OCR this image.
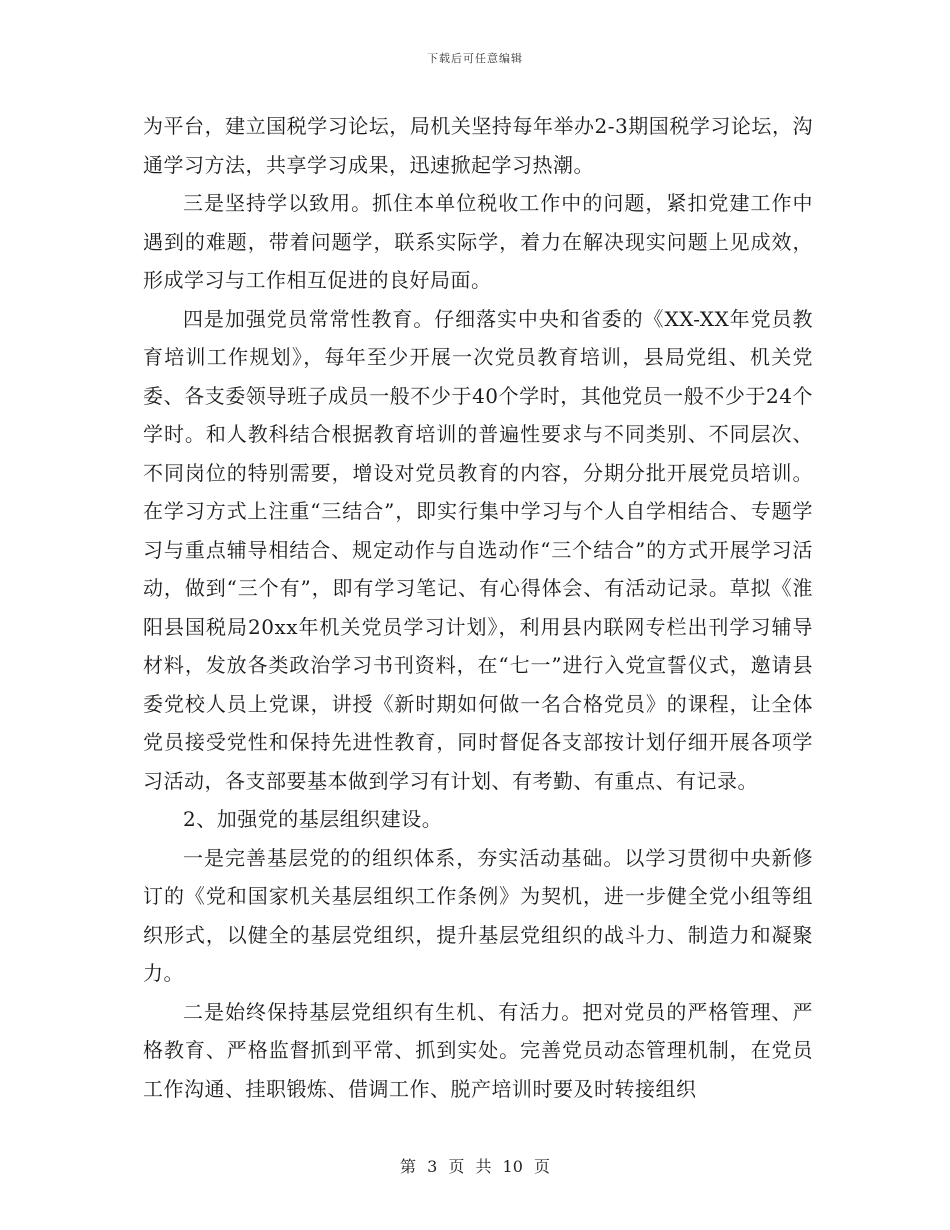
下载后可任意编辑

为平台，建立国税学习论坛，局机关坚持每年举办2-3期国税学习论坛，沟通学习方法，共享学习成果，迅速掀起学习热潮。

三是坚持学以致用。抓住本单位税收工作中的问题，紧扣党建工作中遇到的难题，带着问题学，联系实际学，着力在解决现实问题上见成效，形成学习与工作相互促进的良好局面。

四是加强党员常常性教育。仔细落实中央和省委的《XX-XX年党员教育培训工作规划》，每年至少开展一次党员教育培训，县局党组、机关党委、各支委领导班子成员一般不少于40个学时，其他党员一般不少于24个学时。和人教科结合根据教育培训的普遍性要求与不同类别、不同层次、不同岗位的特别需要，增设对党员教育的内容，分期分批开展党员培训。在学习方式上注重“三结合”，即实行集中学习与个人自学相结合、专题学习与重点辅导相结合、规定动作与自选动作“三个结合”的方式开展学习活动，做到“三个有”，即有学习笔记、有心得体会、有活动记录。草拟《淮阳县国税局20xx年机关党员学习计划》，利用县内联网专栏出刊学习辅导材料，发放各类政治学习书刊资料，在“七一”进行入党宣誓仪式，邀请县委党校人员上党课，讲授《新时期如何做一名合格党员》的课程，让全体党员接受党性和保持先进性教育，同时督促各支部按计划仔细开展各项学习活动，各支部要基本做到学习有计划、有考勤、有重点、有记录。

2、加强党的基层组织建设。

一是完善基层党的的组织体系，夯实活动基础。以学习贯彻中央新修订的《党和国家机关基层组织工作条例》为契机，进一步健全党小组等组织形式，以健全的基层党组织，提升基层党组织的战斗力、制造力和凝聚力。

二是始终保持基层党组织有生机、有活力。把对党员的严格管理、严格教育、严格监督抓到平常、抓到实处。完善党员动态管理机制，在党员工作沟通、挂职锻炼、借调工作、脱产培训时要及时转接组织

第 3 页 共 10 页
